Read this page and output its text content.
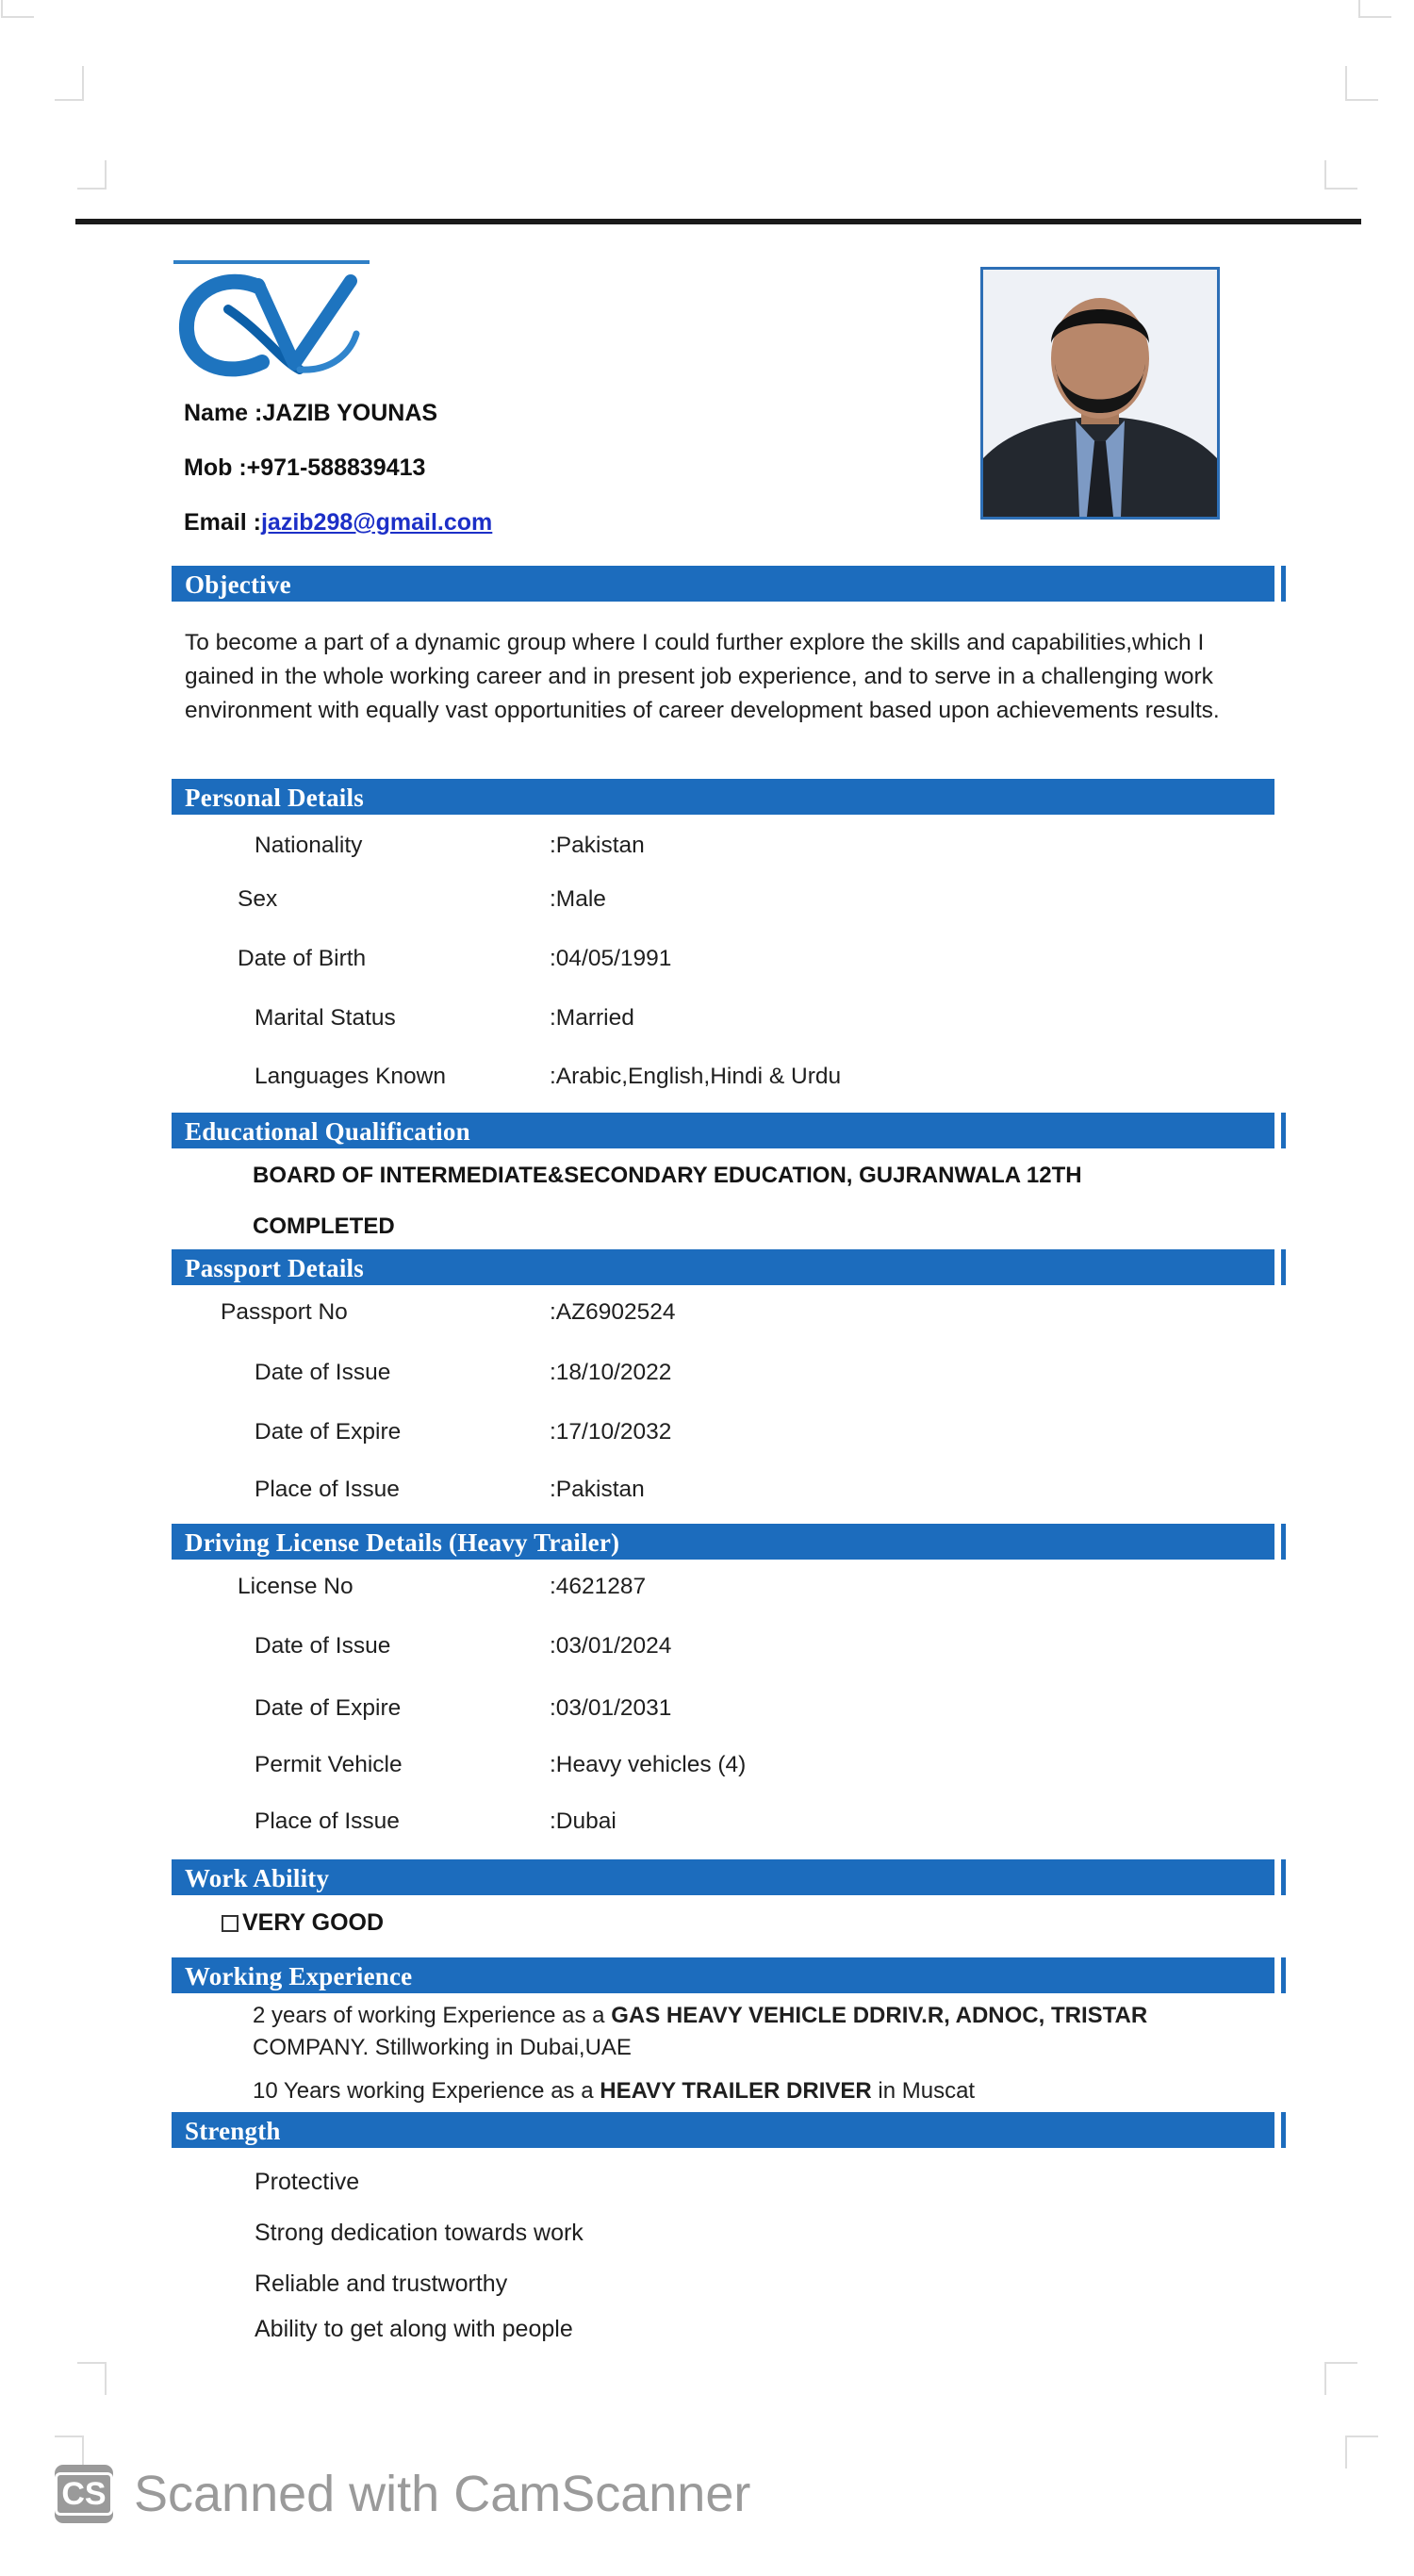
Name :JAZIB YOUNAS
Mob :+971-588839413
Email :jazib298@gmail.com
Objective
To become a part of a dynamic group where I could further explore the skills and capabilities,which I gained in the whole working career and in present job experience, and to serve in a challenging work environment with equally vast opportunities of career development based upon achievements results.
Personal Details
Nationality	:Pakistan
Sex	:Male
Date of Birth	:04/05/1991
Marital Status	:Married
Languages Known	:Arabic,English,Hindi & Urdu
Educational Qualification
BOARD OF INTERMEDIATE&SECONDARY EDUCATION, GUJRANWALA 12TH
COMPLETED
Passport Details
Passport No	:AZ6902524
Date of Issue	:18/10/2022
Date of Expire	:17/10/2032
Place of Issue	:Pakistan
Driving License Details (Heavy Trailer)
License No	:4621287
Date of Issue	:03/01/2024
Date of Expire	:03/01/2031
Permit Vehicle	:Heavy vehicles (4)
Place of Issue	:Dubai
Work Ability
VERY GOOD
Working Experience
2 years of working Experience as a GAS HEAVY VEHICLE DDRIV.R, ADNOC, TRISTAR
COMPANY. Stillworking in Dubai,UAE
10 Years working Experience as a HEAVY TRAILER DRIVER in Muscat
Strength
Protective
Strong dedication towards work
Reliable and trustworthy
Ability to get along with people
CS Scanned with CamScanner
